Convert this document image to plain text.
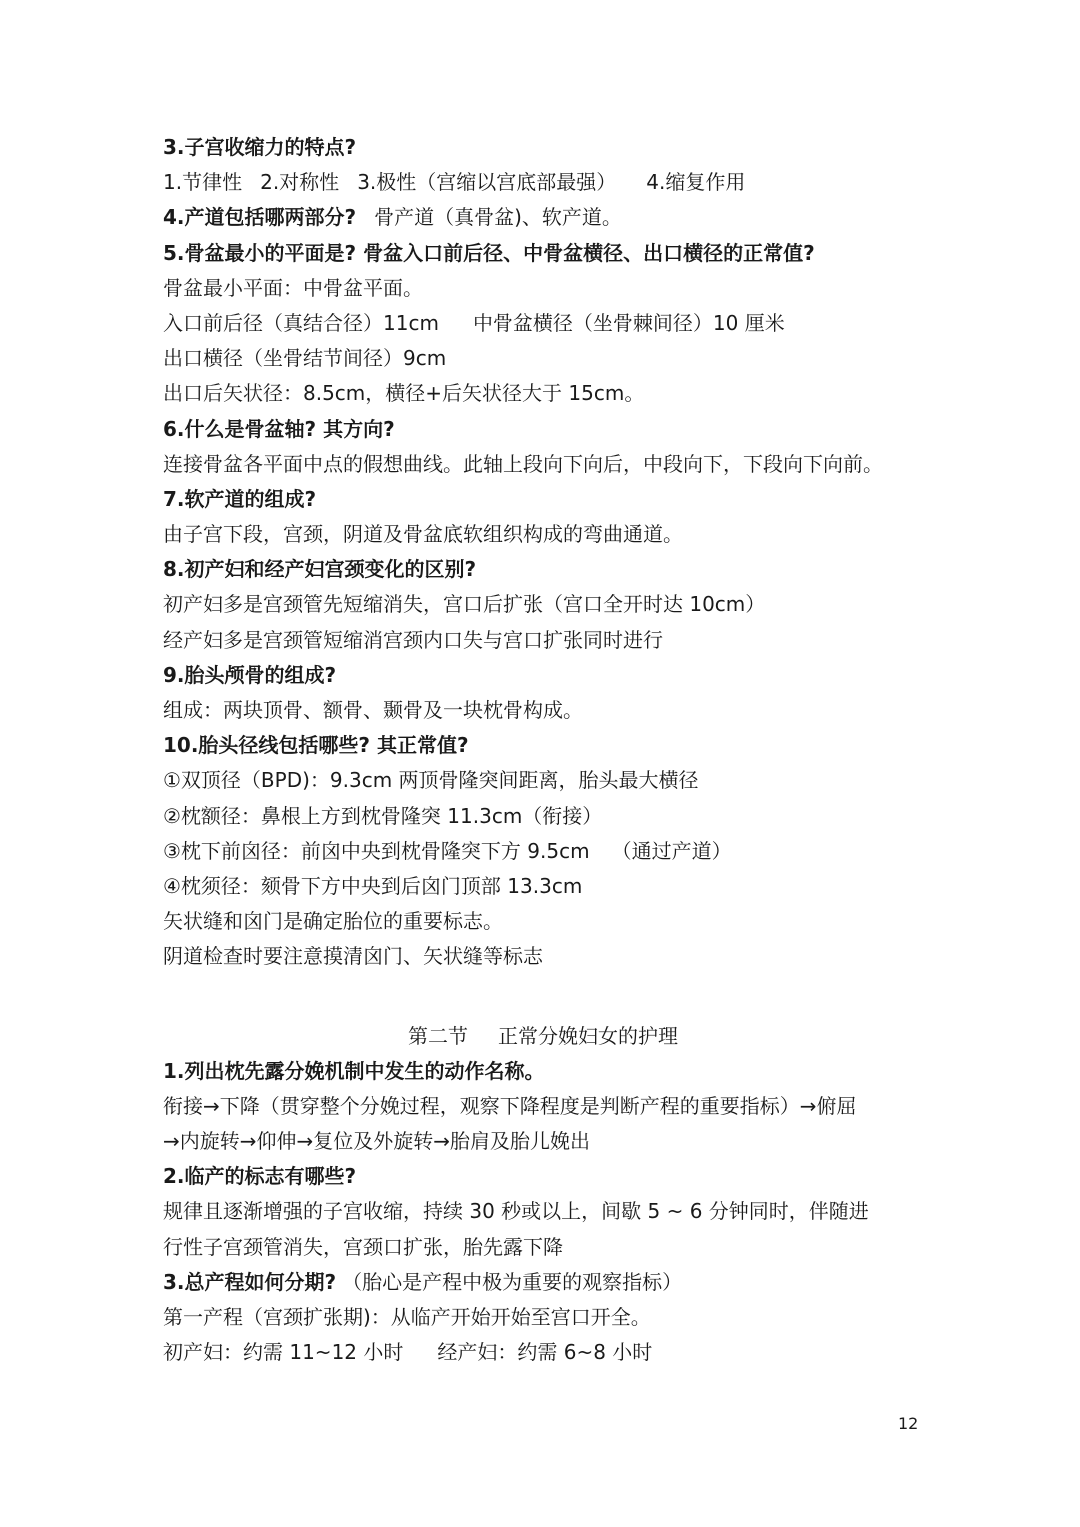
3.子宫收缩力的特点?
1.节律性 2.对称性 3.极性（宫缩以宫底部最强） 4.缩复作用
4.产道包括哪两部分? 骨产道（真骨盆)、软产道。
5.骨盆最小的平面是? 骨盆入口前后径、中骨盆横径、出口横径的正常值?
骨盆最小平面：中骨盆平面。
入口前后径（真结合径）11cm 中骨盆横径（坐骨棘间径）10 厘米
出口横径（坐骨结节间径）9cm
出口后矢状径：8.5cm，横径+后矢状径大于 15cm。
6.什么是骨盆轴? 其方向?
连接骨盆各平面中点的假想曲线。此轴上段向下向后，中段向下，下段向下向前。
7.软产道的组成?
由子宫下段，宫颈，阴道及骨盆底软组织构成的弯曲通道。
8.初产妇和经产妇宫颈变化的区别?
初产妇多是宫颈管先短缩消失，宫口后扩张（宫口全开时达 10cm）
经产妇多是宫颈管短缩消宫颈内口失与宫口扩张同时进行
9.胎头颅骨的组成?
组成：两块顶骨、额骨、颞骨及一块枕骨构成。
10.胎头径线包括哪些? 其正常值?
①双顶径（BPD)：9.3cm 两顶骨隆突间距离，胎头最大横径
②枕额径：鼻根上方到枕骨隆突 11.3cm（衔接）
③枕下前囟径：前囟中央到枕骨隆突下方 9.5cm （通过产道）
④枕须径：颏骨下方中央到后囟门顶部 13.3cm
矢状缝和囟门是确定胎位的重要标志。
阴道检查时要注意摸清囟门、矢状缝等标志
第二节 正常分娩妇女的护理
1.列出枕先露分娩机制中发生的动作名称。
衔接→下降（贯穿整个分娩过程，观察下降程度是判断产程的重要指标）→俯屈
→内旋转→仰伸→复位及外旋转→胎肩及胎儿娩出
2.临产的标志有哪些?
规律且逐渐增强的子宫收缩，持续 30 秒或以上，间歇 5 ~ 6 分钟同时，伴随进
行性子宫颈管消失，宫颈口扩张，胎先露下降
3.总产程如何分期? （胎心是产程中极为重要的观察指标）
第一产程（宫颈扩张期)：从临产开始开始至宫口开全。
初产妇：约需 11~12 小时 经产妇：约需 6~8 小时
12
